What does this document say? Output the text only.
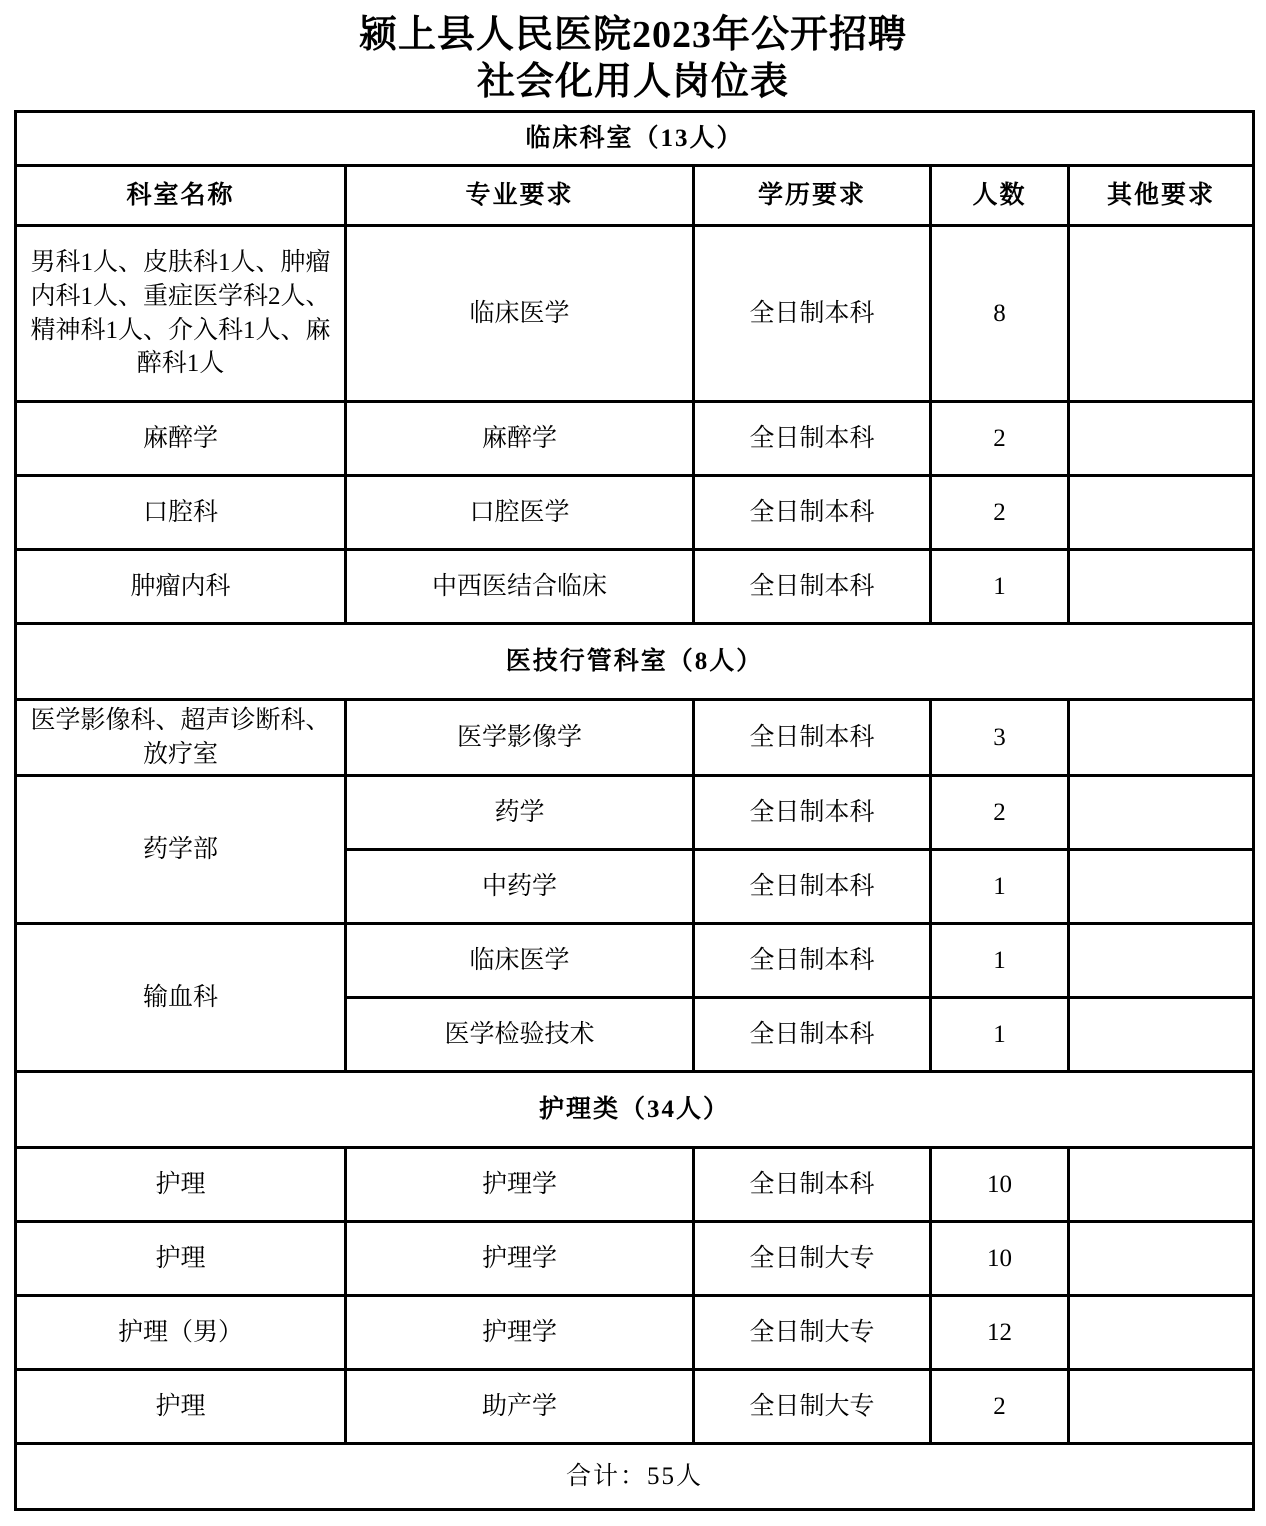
颍上县人民医院2023年公开招聘
社会化用人岗位表
临床科室（13人）				
科室名称	专业要求	学历要求	人数	其他要求
男科1人、皮肤科1人、肿瘤内科1人、重症医学科2人、精神科1人、介入科1人、麻醉科1人	临床医学	全日制本科	8	
麻醉学	麻醉学	全日制本科	2	
口腔科	口腔医学	全日制本科	2	
肿瘤内科	中西医结合临床	全日制本科	1	
医技行管科室（8人）				
医学影像科、超声诊断科、放疗室	医学影像学	全日制本科	3	
药学部	药学	全日制本科	2	
	中药学	全日制本科	1	
输血科	临床医学	全日制本科	1	
	医学检验技术	全日制本科	1	
护理类（34人）				
护理	护理学	全日制本科	10	
护理	护理学	全日制大专	10	
护理（男）	护理学	全日制大专	12	
护理	助产学	全日制大专	2	
合计：55人				
